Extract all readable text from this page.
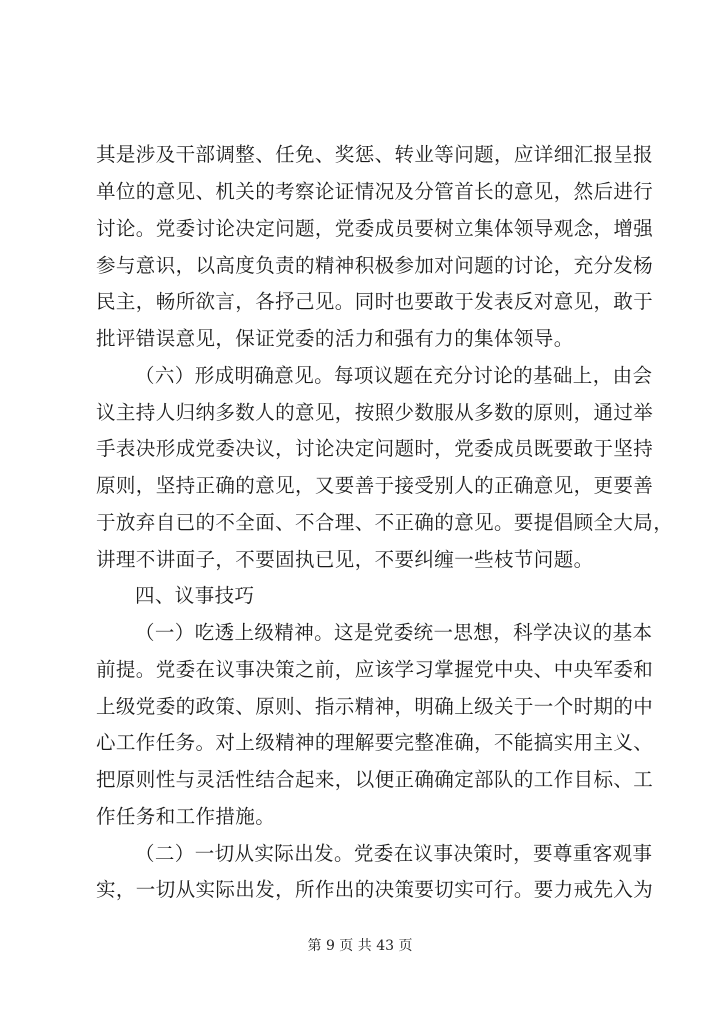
其是涉及干部调整、任免、奖惩、转业等问题，应详细汇报呈报
单位的意见、机关的考察论证情况及分管首长的意见，然后进行
讨论。党委讨论决定问题，党委成员要树立集体领导观念，增强
参与意识，以高度负责的精神积极参加对问题的讨论，充分发杨
民主，畅所欲言，各抒己见。同时也要敢于发表反对意见，敢于
批评错误意见，保证党委的活力和强有力的集体领导。
（六）形成明确意见。每项议题在充分讨论的基础上，由会
议主持人归纳多数人的意见，按照少数服从多数的原则，通过举
手表决形成党委决议，讨论决定问题时，党委成员既要敢于坚持
原则，坚持正确的意见，又要善于接受别人的正确意见，更要善
于放弃自已的不全面、不合理、不正确的意见。要提倡顾全大局，
讲理不讲面子，不要固执已见，不要纠缠一些枝节问题。
四、议事技巧
（一）吃透上级精神。这是党委统一思想，科学决议的基本
前提。党委在议事决策之前，应该学习掌握党中央、中央军委和
上级党委的政策、原则、指示精神，明确上级关于一个时期的中
心工作任务。对上级精神的理解要完整准确，不能搞实用主义、
把原则性与灵活性结合起来，以便正确确定部队的工作目标、工
作任务和工作措施。
（二）一切从实际出发。党委在议事决策时，要尊重客观事
实，一切从实际出发，所作出的决策要切实可行。要力戒先入为
第 9 页 共 43 页
